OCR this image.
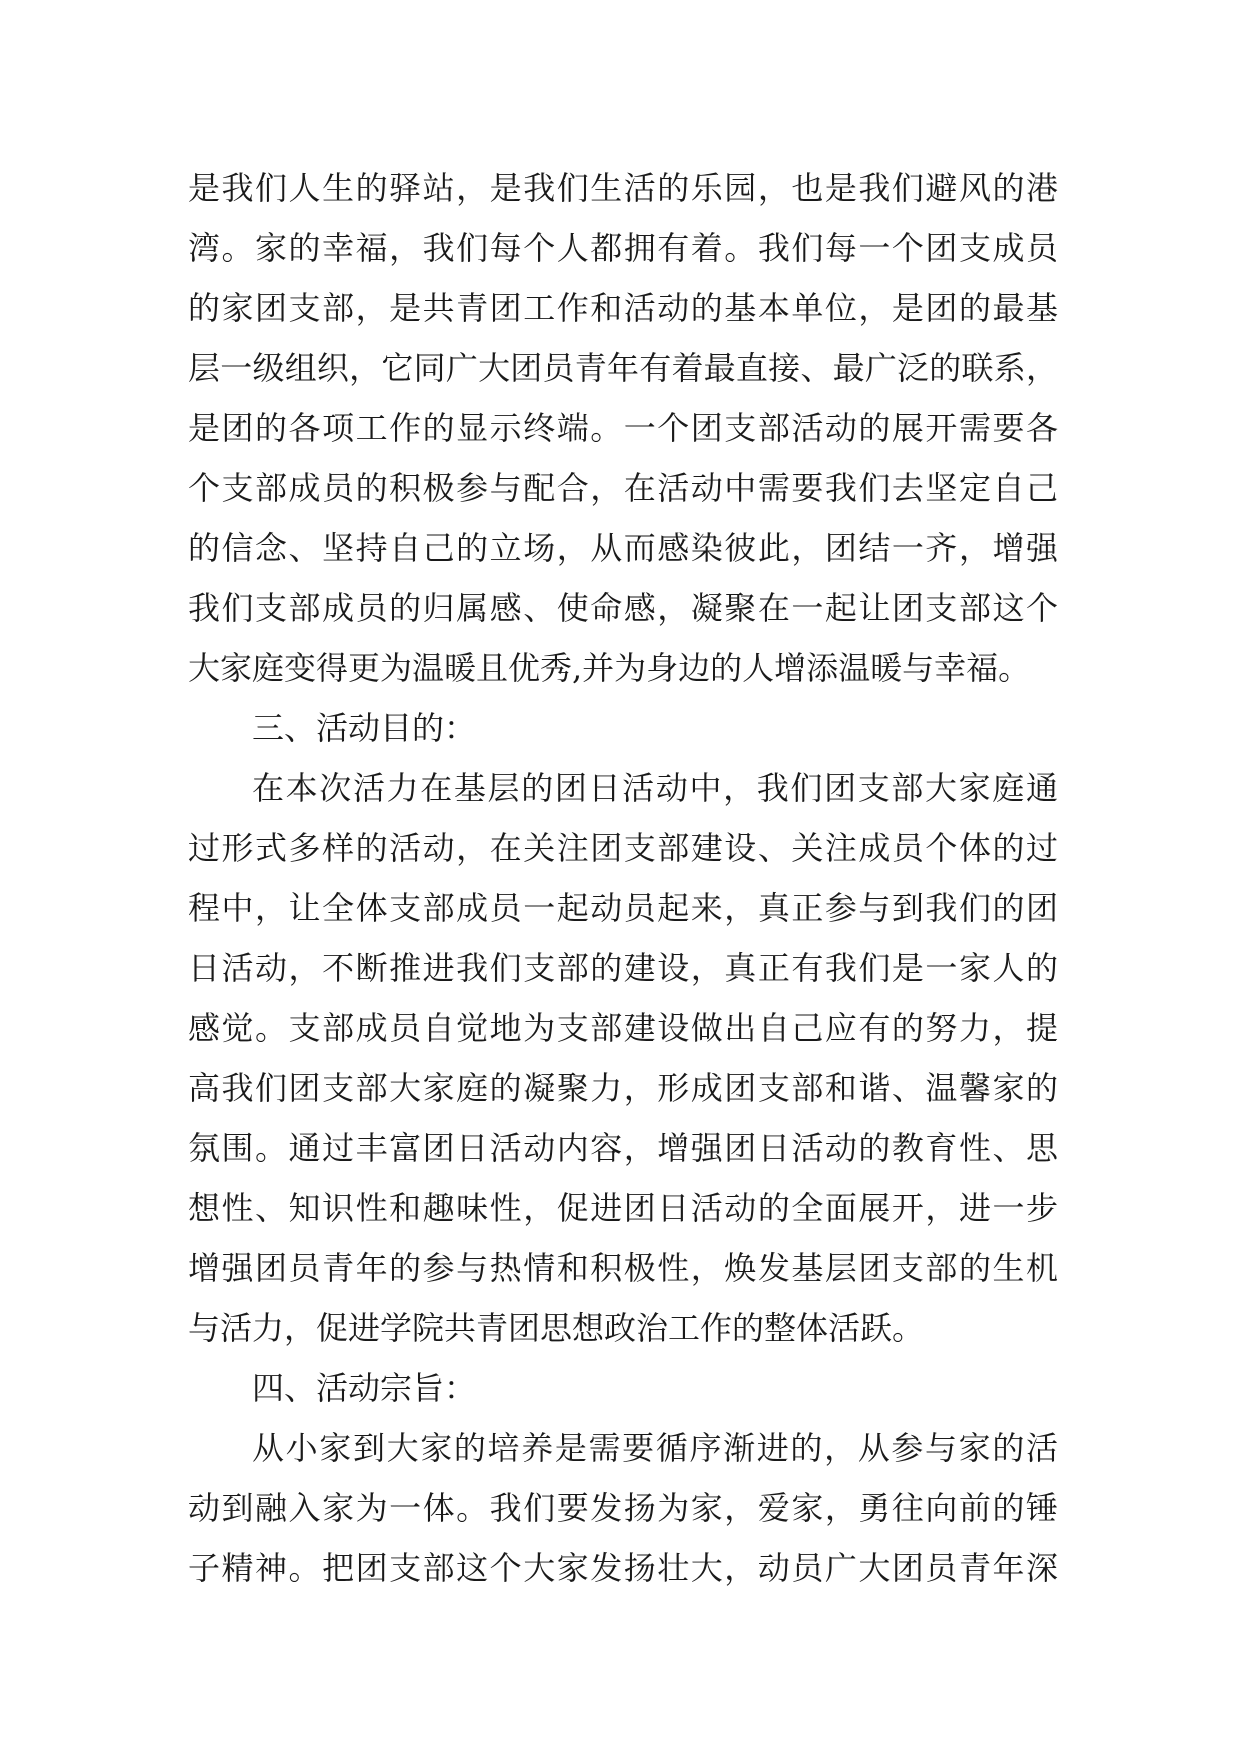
是我们人生的驿站，是我们生活的乐园，也是我们避风的港
湾。家的幸福，我们每个人都拥有着。我们每一个团支成员
的家团支部，是共青团工作和活动的基本单位，是团的最基
层一级组织，它同广大团员青年有着最直接、最广泛的联系，
是团的各项工作的显示终端。一个团支部活动的展开需要各
个支部成员的积极参与配合，在活动中需要我们去坚定自己
的信念、坚持自己的立场，从而感染彼此，团结一齐，增强
我们支部成员的归属感、使命感，凝聚在一起让团支部这个
大家庭变得更为温暖且优秀,并为身边的人增添温暖与幸福。
三、活动目的：
在本次活力在基层的团日活动中，我们团支部大家庭通
过形式多样的活动，在关注团支部建设、关注成员个体的过
程中，让全体支部成员一起动员起来，真正参与到我们的团
日活动，不断推进我们支部的建设，真正有我们是一家人的
感觉。支部成员自觉地为支部建设做出自己应有的努力，提
高我们团支部大家庭的凝聚力，形成团支部和谐、温馨家的
氛围。通过丰富团日活动内容，增强团日活动的教育性、思
想性、知识性和趣味性，促进团日活动的全面展开，进一步
增强团员青年的参与热情和积极性，焕发基层团支部的生机
与活力，促进学院共青团思想政治工作的整体活跃。
四、活动宗旨：
从小家到大家的培养是需要循序渐进的，从参与家的活
动到融入家为一体。我们要发扬为家，爱家，勇往向前的锤
子精神。把团支部这个大家发扬壮大，动员广大团员青年深
